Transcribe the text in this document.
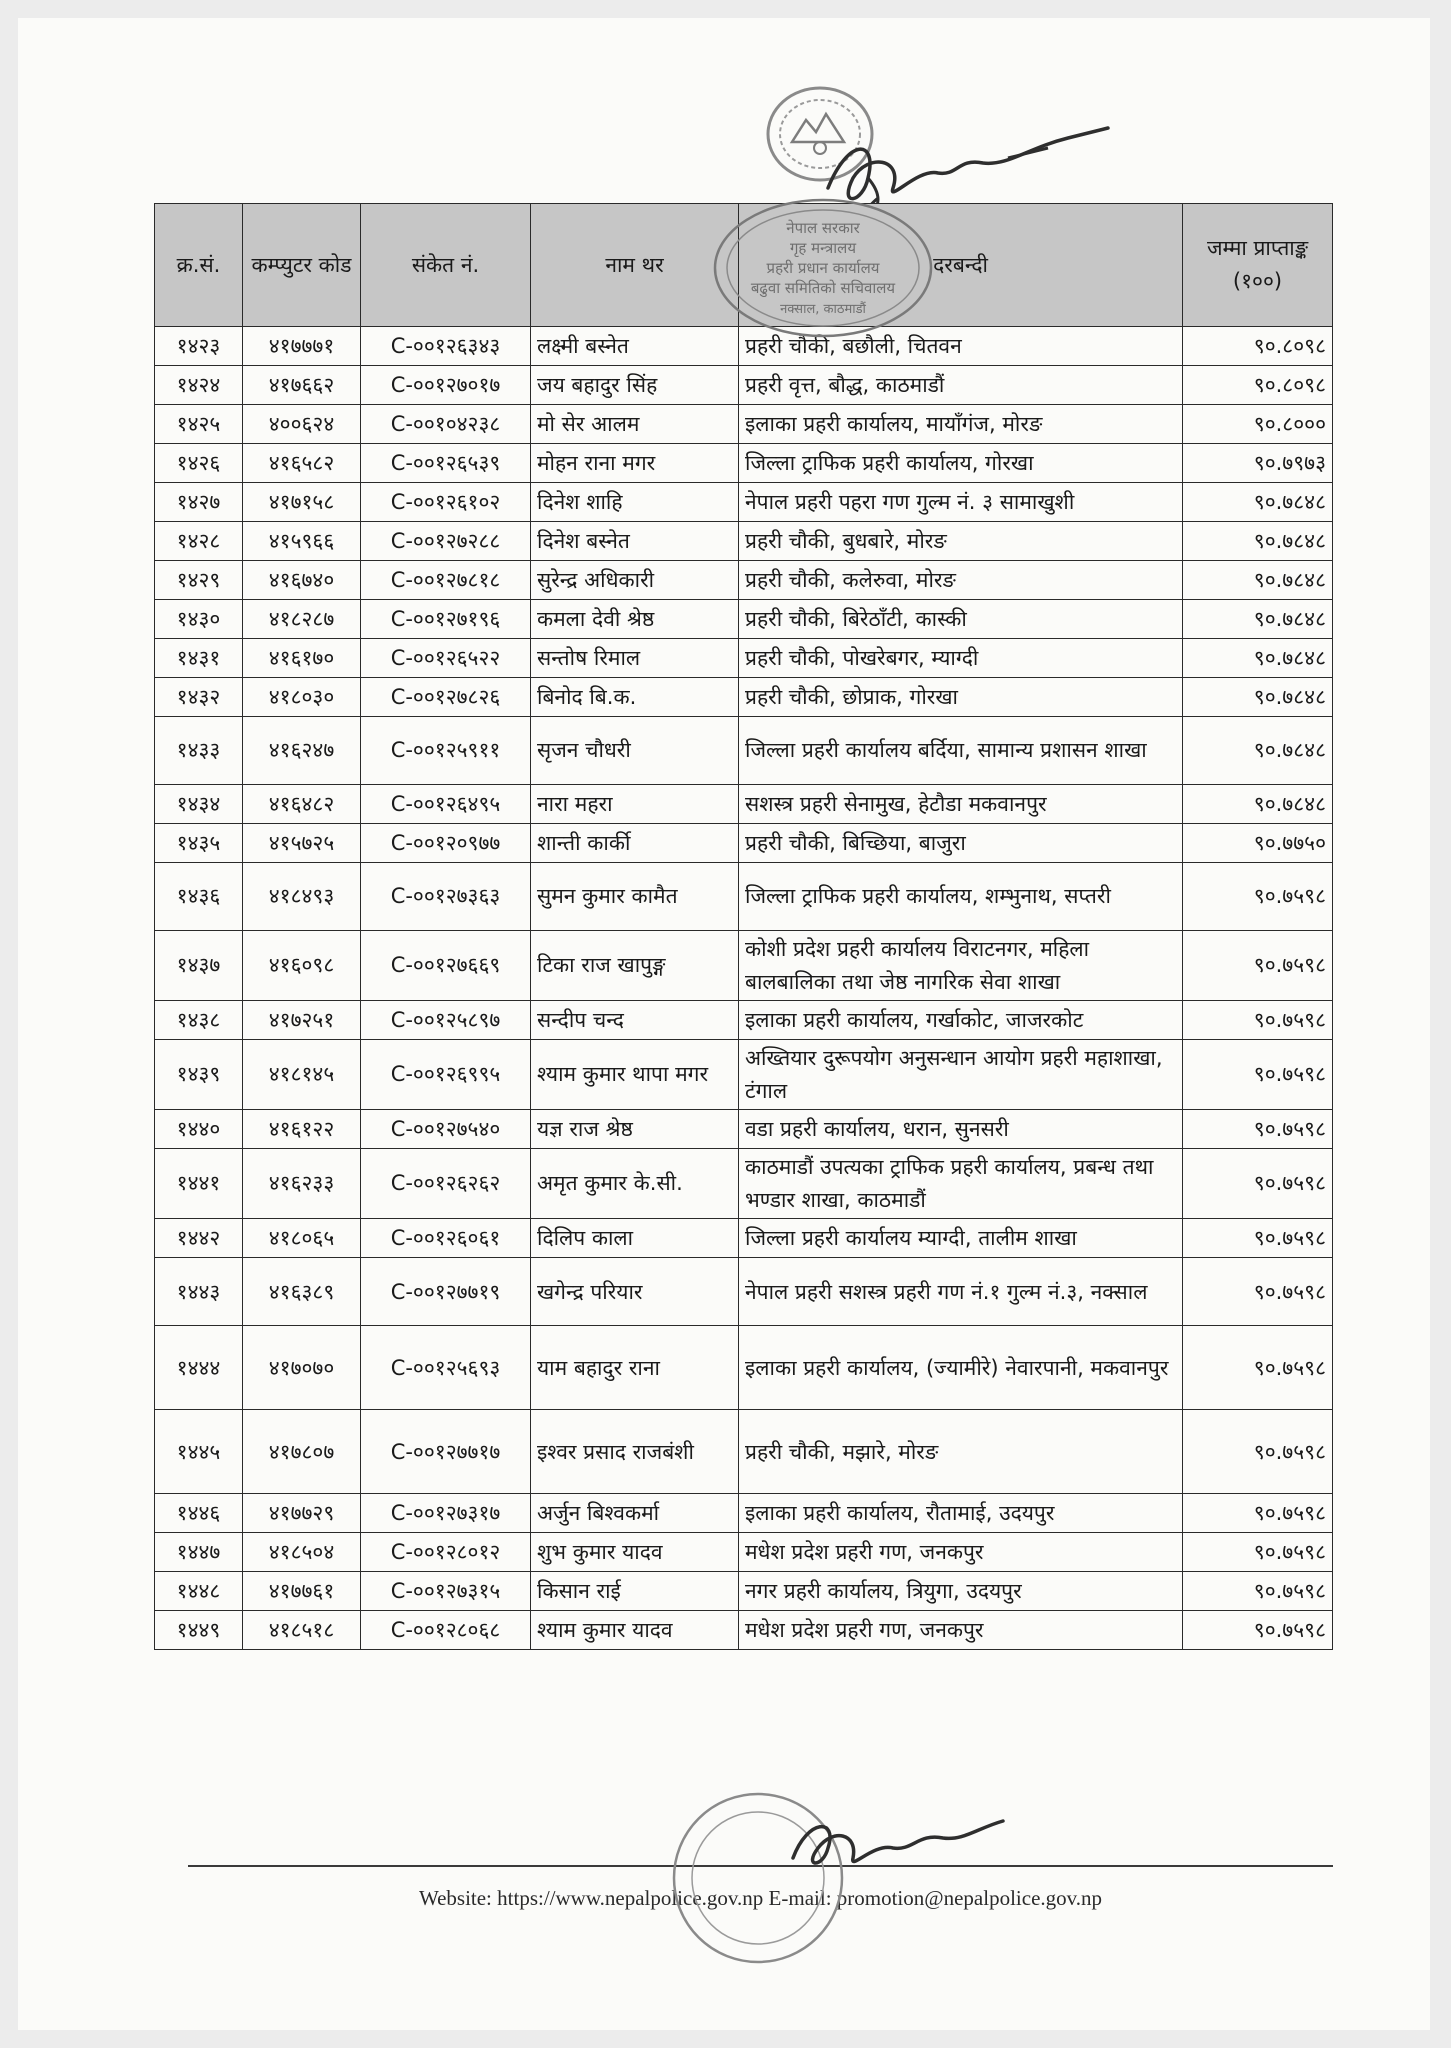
क्र.सं.	कम्प्युटर कोड	संकेत नं.	नाम थर	दरबन्दी	जम्मा प्राप्ताङ्क (१००)
१४२३	४१७७७१	C-००१२६३४३	लक्ष्मी बस्नेत	प्रहरी चौकी, बछौली, चितवन	९०.८०९८
१४२४	४१७६६२	C-००१२७०१७	जय बहादुर सिंह	प्रहरी वृत्त, बौद्ध, काठमाडौं	९०.८०९८
१४२५	४००६२४	C-००१०४२३८	मो सेर आलम	इलाका प्रहरी कार्यालय, मायाँगंज, मोरङ	९०.८०००
१४२६	४१६५८२	C-००१२६५३९	मोहन राना मगर	जिल्ला ट्राफिक प्रहरी कार्यालय, गोरखा	९०.७९७३
१४२७	४१७१५८	C-००१२६१०२	दिनेश शाहि	नेपाल प्रहरी पहरा गण गुल्म नं. ३ सामाखुशी	९०.७८४८
१४२८	४१५९६६	C-००१२७२८८	दिनेश बस्नेत	प्रहरी चौकी, बुधबारे, मोरङ	९०.७८४८
१४२९	४१६७४०	C-००१२७८१८	सुरेन्द्र अधिकारी	प्रहरी चौकी, कलेरुवा, मोरङ	९०.७८४८
१४३०	४१८२८७	C-००१२७१९६	कमला देवी श्रेष्ठ	प्रहरी चौकी, बिरेठाँटी, कास्की	९०.७८४८
१४३१	४१६१७०	C-००१२६५२२	सन्तोष रिमाल	प्रहरी चौकी, पोखरेबगर, म्याग्दी	९०.७८४८
१४३२	४१८०३०	C-००१२७८२६	बिनोद बि.क.	प्रहरी चौकी, छोप्राक, गोरखा	९०.७८४८
१४३३	४१६२४७	C-००१२५९११	सृजन चौधरी	जिल्ला प्रहरी कार्यालय बर्दिया, सामान्य प्रशासन शाखा	९०.७८४८
१४३४	४१६४८२	C-००१२६४९५	नारा महरा	सशस्त्र प्रहरी सेनामुख, हेटौडा मकवानपुर	९०.७८४८
१४३५	४१५७२५	C-००१२०९७७	शान्ती कार्की	प्रहरी चौकी, बिच्छिया, बाजुरा	९०.७७५०
१४३६	४१८४९३	C-००१२७३६३	सुमन कुमार कामैत	जिल्ला ट्राफिक प्रहरी कार्यालय, शम्भुनाथ, सप्तरी	९०.७५९८
१४३७	४१६०९८	C-००१२७६६९	टिका राज खापुङ्ग	कोशी प्रदेश प्रहरी कार्यालय विराटनगर, महिला बालबालिका तथा जेष्ठ नागरिक सेवा शाखा	९०.७५९८
१४३८	४१७२५१	C-००१२५८९७	सन्दीप चन्द	इलाका प्रहरी कार्यालय, गर्खाकोट, जाजरकोट	९०.७५९८
१४३९	४१८१४५	C-००१२६९९५	श्याम कुमार थापा मगर	अख्तियार दुरूपयोग अनुसन्धान आयोग प्रहरी महाशाखा, टंगाल	९०.७५९८
१४४०	४१६१२२	C-००१२७५४०	यज्ञ राज श्रेष्ठ	वडा प्रहरी कार्यालय, धरान, सुनसरी	९०.७५९८
१४४१	४१६२३३	C-००१२६२६२	अमृत कुमार के.सी.	काठमाडौं उपत्यका ट्राफिक प्रहरी कार्यालय, प्रबन्ध तथा भण्डार शाखा, काठमाडौं	९०.७५९८
१४४२	४१८०६५	C-००१२६०६१	दिलिप काला	जिल्ला प्रहरी कार्यालय म्याग्दी, तालीम शाखा	९०.७५९८
१४४३	४१६३८९	C-००१२७७१९	खगेन्द्र परियार	नेपाल प्रहरी सशस्त्र प्रहरी गण नं.१ गुल्म नं.३, नक्साल	९०.७५९८
१४४४	४१७०७०	C-००१२५६९३	याम बहादुर राना	इलाका प्रहरी कार्यालय, (ज्यामीरे) नेवारपानी, मकवानपुर	९०.७५९८
१४४५	४१७८०७	C-००१२७७१७	इश्वर प्रसाद राजबंशी	प्रहरी चौकी, मझारे, मोरङ	९०.७५९८
१४४६	४१७७२९	C-००१२७३१७	अर्जुन बिश्वकर्मा	इलाका प्रहरी कार्यालय, रौतामाई, उदयपुर	९०.७५९८
१४४७	४१८५०४	C-००१२८०१२	शुभ कुमार यादव	मधेश प्रदेश प्रहरी गण, जनकपुर	९०.७५९८
१४४८	४१७७६१	C-००१२७३१५	किसान राई	नगर प्रहरी कार्यालय, त्रियुगा, उदयपुर	९०.७५९८
१४४९	४१८५१८	C-००१२८०६८	श्याम कुमार यादव	मधेश प्रदेश प्रहरी गण, जनकपुर	९०.७५९८
नेपाल सरकार
गृह मन्त्रालय
प्रहरी प्रधान कार्यालय
बढुवा समितिको सचिवालय
नक्साल, काठमाडौं
Website: https://www.nepalpolice.gov.np E-mail: promotion@nepalpolice.gov.np
